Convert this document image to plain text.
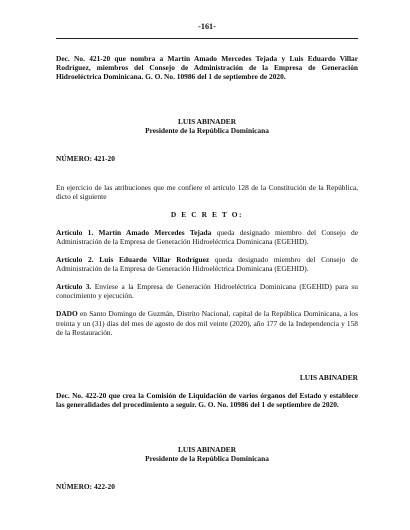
-161-

Dec. No. 421-20 que nombra a Martín Amado Mercedes Tejada y Luis Eduardo Villar Rodríguez, miembros del Consejo de Administración de la Empresa de Generación Hidroeléctrica Dominicana. G. O. No. 10986 del 1 de septiembre de 2020.

LUIS ABINADER

Presidente de la República Dominicana

NÚMERO: 421-20

En ejercicio de las atribuciones que me confiere el artículo 128 de la Constitución de la República, dicto el siguiente

D E C R E T O:

Artículo 1. Martín Amado Mercedes Tejada queda designado miembro del Consejo de Administración de la Empresa de Generación Hidroeléctrica Dominicana (EGEHID).

Artículo 2. Luis Eduardo Villar Rodríguez queda designado miembro del Consejo de Administración de la Empresa de Generación Hidroeléctrica Dominicana (EGEHID).

Artículo 3. Envíese a la Empresa de Generación Hidroeléctrica Dominicana (EGEHID) para su conocimiento y ejecución.

DADO en Santo Domingo de Guzmán, Distrito Nacional, capital de la República Dominicana, a los treinta y un (31) días del mes de agosto de dos mil veinte (2020), año 177 de la Independencia y 158 de la Restauración.

LUIS ABINADER

Dec. No. 422-20 que crea la Comisión de Liquidación de varios órganos del Estado y establece las generalidades del procedimiento a seguir. G. O. No. 10986 del 1 de septiembre de 2020.

LUIS ABINADER

Presidente de la República Dominicana

NÚMERO: 422-20
